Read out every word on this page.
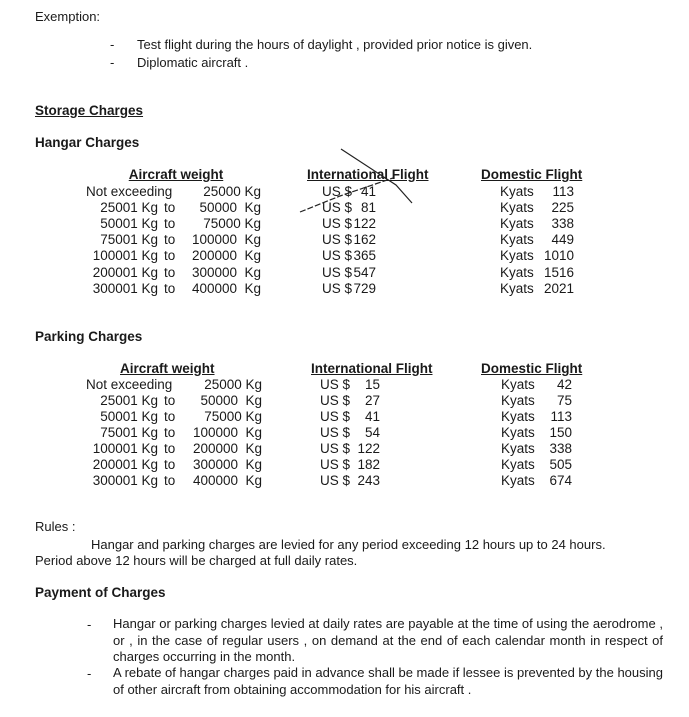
Exemption:
- Test flight during the hours of daylight , provided prior notice is given.
- Diplomatic aircraft .
Storage Charges
Hangar Charges
Aircraft weight	International Flight	Domestic Flight
Not exceeding	25000 Kg	US $ 41	Kyats	113
25001 Kg to	50000  Kg	US $ 81	Kyats	225
50001 Kg to	75000 Kg	US $ 122	Kyats	338
75001 Kg to	100000  Kg	US $ 162	Kyats	449
100001 Kg to	200000  Kg	US $ 365	Kyats 1010
200001 Kg to	300000  Kg	US $ 547	Kyats 1516
300001 Kg to	400000  Kg	US $ 729	Kyats 2021
Parking Charges
Aircraft weight	International Flight	Domestic Flight
Not exceeding	25000 Kg	US $	15	Kyats	42
25001 Kg to	50000  Kg	US $	27	Kyats	75
50001 Kg to	75000 Kg	US $	41	Kyats	113
75001 Kg to	100000  Kg	US $	54	Kyats	150
100001 Kg to	200000  Kg	US $ 122	Kyats	338
200001 Kg to	300000  Kg	US $ 182	Kyats	505
300001 Kg to	400000  Kg	US $ 243	Kyats	674
Rules :
Hangar and parking charges are levied for any period exceeding 12 hours up to 24 hours.
Period above 12 hours will be charged at full daily rates.
Payment of Charges
- Hangar or parking charges levied at daily rates are payable at the time of using the aerodrome , or , in the case of regular users , on demand at the end of each calendar month in respect of charges occurring in the month.
- A rebate of hangar charges paid in advance shall be made if lessee is prevented by the housing of other aircraft from obtaining accommodation for his aircraft .
